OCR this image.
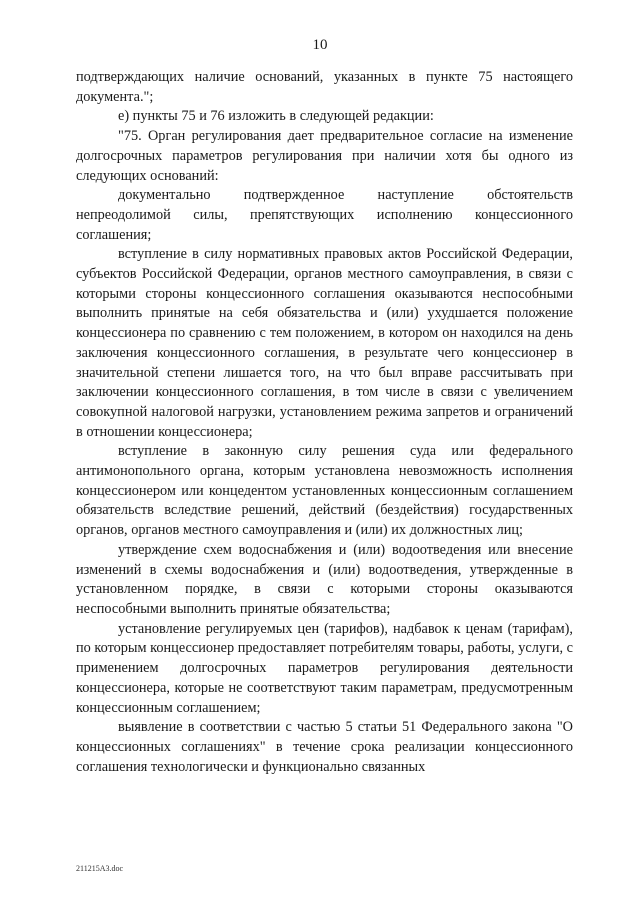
10

подтверждающих наличие оснований, указанных в пункте 75 настоящего документа.";

е) пункты 75 и 76 изложить в следующей редакции:

"75. Орган регулирования дает предварительное согласие на изменение долгосрочных параметров регулирования при наличии хотя бы одного из следующих оснований:

документально подтвержденное наступление обстоятельств непреодолимой силы, препятствующих исполнению концессионного соглашения;

вступление в силу нормативных правовых актов Российской Федерации, субъектов Российской Федерации, органов местного самоуправления, в связи с которыми стороны концессионного соглашения оказываются неспособными выполнить принятые на себя обязательства и (или) ухудшается положение концессионера по сравнению с тем положением, в котором он находился на день заключения концессионного соглашения, в результате чего концессионер в значительной степени лишается того, на что был вправе рассчитывать при заключении концессионного соглашения, в том числе в связи с увеличением совокупной налоговой нагрузки, установлением режима запретов и ограничений в отношении концессионера;

вступление в законную силу решения суда или федерального антимонопольного органа, которым установлена невозможность исполнения концессионером или концедентом установленных концессионным соглашением обязательств вследствие решений, действий (бездействия) государственных органов, органов местного самоуправления и (или) их должностных лиц;

утверждение схем водоснабжения и (или) водоотведения или внесение изменений в схемы водоснабжения и (или) водоотведения, утвержденные в установленном порядке, в связи с которыми стороны оказываются неспособными выполнить принятые обязательства;

установление регулируемых цен (тарифов), надбавок к ценам (тарифам), по которым концессионер предоставляет потребителям товары, работы, услуги, с применением долгосрочных параметров регулирования деятельности концессионера, которые не соответствуют таким параметрам, предусмотренным концессионным соглашением;

выявление в соответствии с частью 5 статьи 51 Федерального закона "О концессионных соглашениях" в течение срока реализации концессионного соглашения технологически и функционально связанных

211215A3.doc
